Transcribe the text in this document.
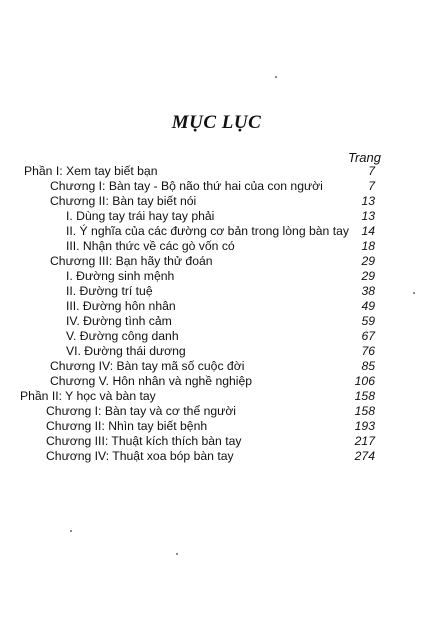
MỤC LỤC
Trang
Phần I: Xem tay biết bạn	7
Chương I: Bàn tay - Bộ não thứ hai của con người	7
Chương II: Bàn tay biết nói	13
I. Dùng tay trái hay tay phải	13
II. Ý nghĩa của các đường cơ bản trong lòng bàn tay 14
III. Nhận thức về các gò vốn có	18
Chương III: Bạn hãy thử đoán	29
I. Đường sinh mệnh	29
II. Đường trí tuệ	38
III. Đường hôn nhân	49
IV. Đường tình cảm	59
V. Đường công danh	67
VI. Đường thái dương	76
Chương IV: Bàn tay mã số cuộc đời	85
Chương V. Hôn nhân và nghề nghiệp	106
Phần II: Y học và bàn tay	158
Chương I: Bàn tay và cơ thể người	158
Chương II: Nhìn tay biết bệnh	193
Chương III: Thuật kích thích bàn tay	217
Chương IV: Thuật xoa bóp bàn tay	274
